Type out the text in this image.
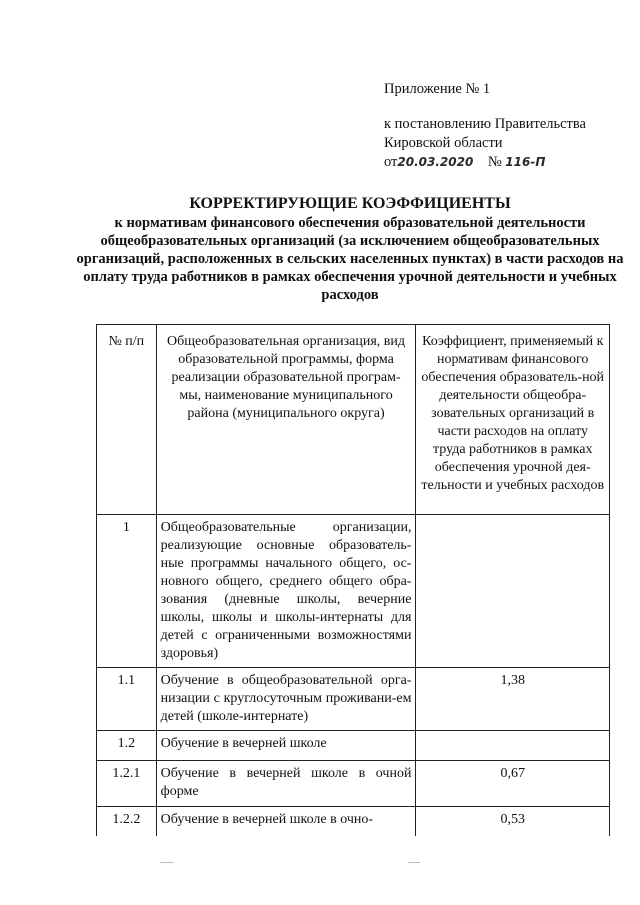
Приложение № 1
к постановлению Правительства
Кировской области
от20.03.2020 № 116-П
КОРРЕКТИРУЮЩИЕ КОЭФФИЦИЕНТЫ
к нормативам финансового обеспечения образовательной деятельности общеобразовательных организаций (за исключением общеобразовательных организаций, расположенных в сельских населенных пунктах) в части расходов на оплату труда работников в рамках обеспечения урочной деятельности и учебных расходов
№ п/п	Общеобразовательная организация, вид образовательной программы, форма реализации образовательной програм-мы, наименование муниципального района (муниципального округа)	Коэффициент, применяемый к нормативам финансового обеспечения образователь-ной деятельности общеобра-зовательных организаций в части расходов на оплату труда работников в рамках обеспечения урочной дея-тельности и учебных расходов
1	Общеобразовательные организации, реализующие основные образователь-ные программы начального общего, ос-новного общего, среднего общего обра-зования (дневные школы, вечерние школы, школы и школы-интернаты для детей с ограниченными возможностями здоровья)	
1.1	Обучение в общеобразовательной орга-низации с круглосуточным проживани-ем детей (школе-интернате)	1,38
1.2	Обучение в вечерней школе	
1.2.1	Обучение в вечерней школе в очной форме	0,67
1.2.2	Обучение в вечерней школе в очно-	0,53
